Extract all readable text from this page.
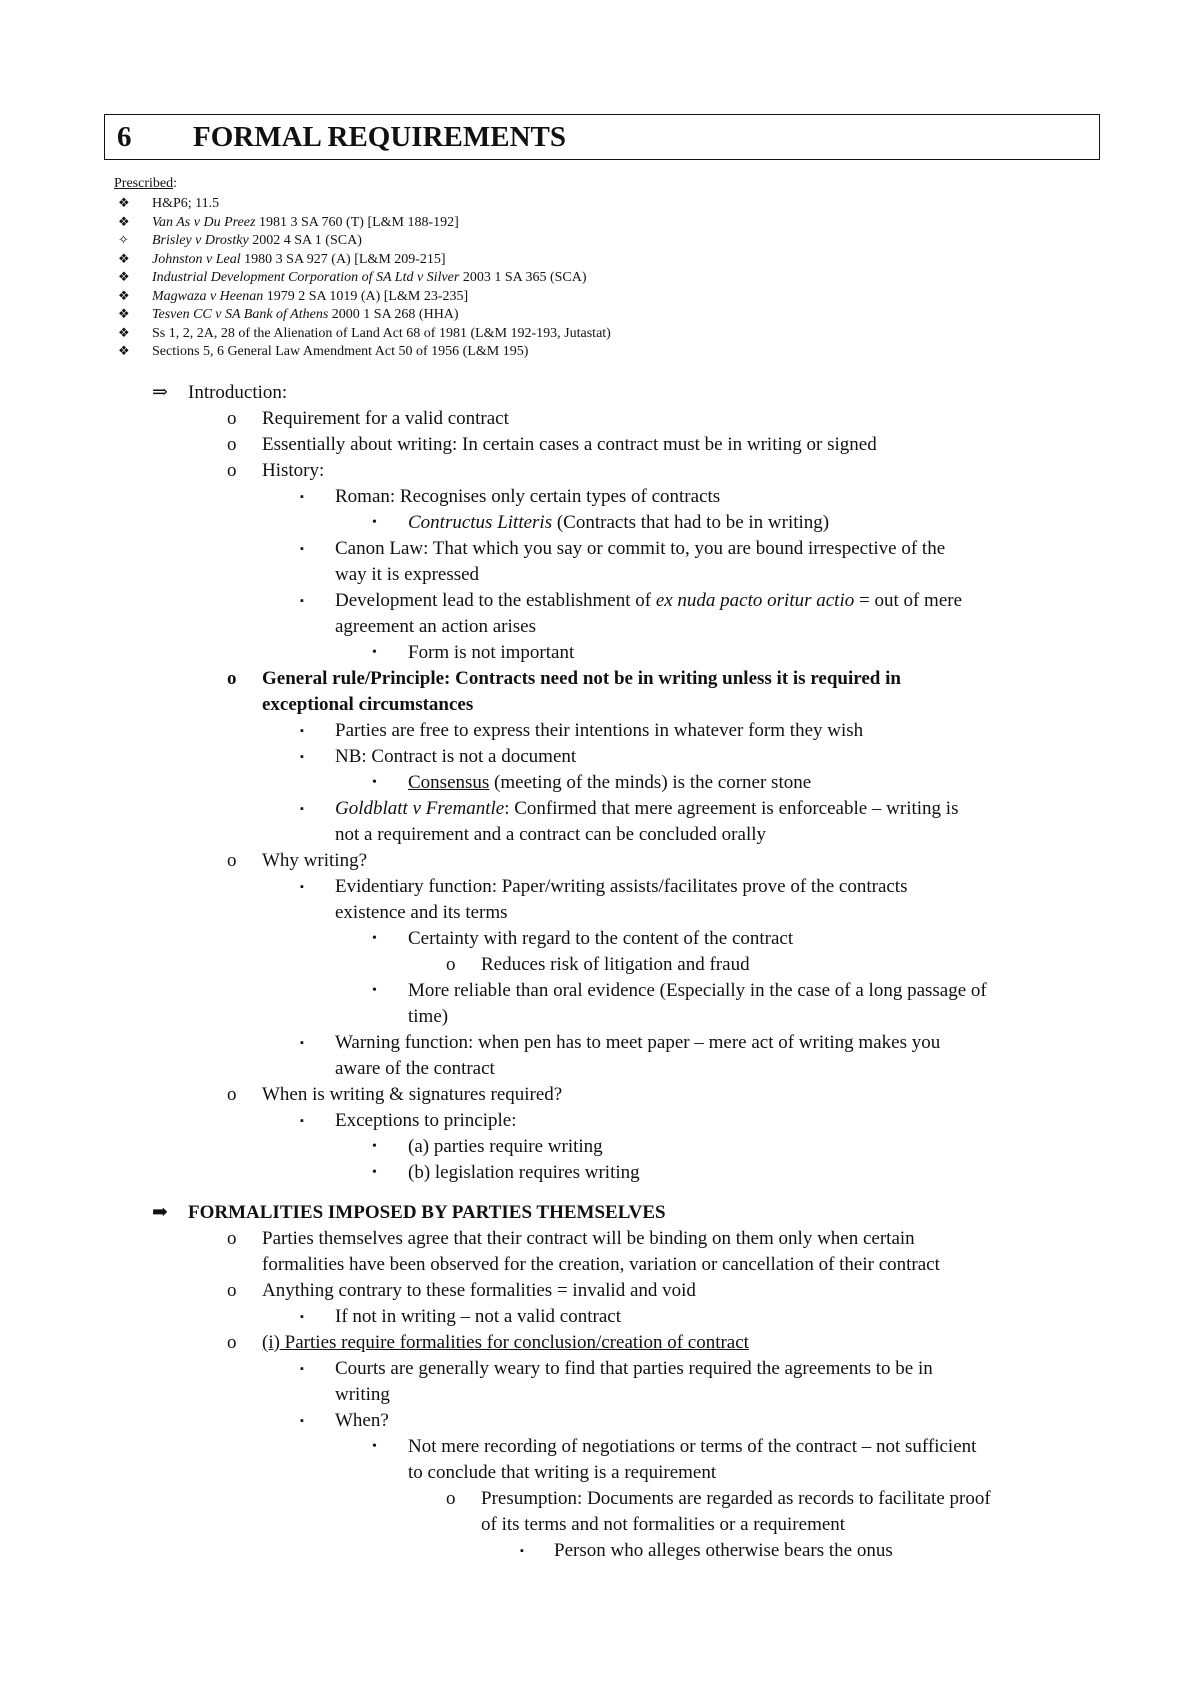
6	FORMAL REQUIREMENTS
Prescribed:
❖ H&P6; 11.5
❖ Van As v Du Preez 1981 3 SA 760 (T) [L&M 188-192]
✧ Brisley v Drostky 2002 4 SA 1 (SCA)
❖ Johnston v Leal 1980 3 SA 927 (A) [L&M 209-215]
❖ Industrial Development Corporation of SA Ltd v Silver 2003 1 SA 365 (SCA)
❖ Magwaza v Heenan 1979 2 SA 1019 (A) [L&M 23-235]
❖ Tesven CC v SA Bank of Athens 2000 1 SA 268 (HHA)
❖ Ss 1, 2, 2A, 28 of the Alienation of Land Act 68 of 1981 (L&M 192-193, Jutastat)
❖ Sections 5, 6 General Law Amendment Act 50 of 1956 (L&M 195)
⇒ Introduction:
o Requirement for a valid contract
o Essentially about writing: In certain cases a contract must be in writing or signed
o History:
▪ Roman: Recognises only certain types of contracts
• Contructus Litteris (Contracts that had to be in writing)
▪ Canon Law: That which you say or commit to, you are bound irrespective of the
way it is expressed
▪ Development lead to the establishment of ex nuda pacto oritur actio = out of mere
agreement an action arises
• Form is not important
o General rule/Principle: Contracts need not be in writing unless it is required in
exceptional circumstances
▪ Parties are free to express their intentions in whatever form they wish
▪ NB: Contract is not a document
• Consensus (meeting of the minds) is the corner stone
▪ Goldblatt v Fremantle: Confirmed that mere agreement is enforceable – writing is
not a requirement and a contract can be concluded orally
o Why writing?
▪ Evidentiary function: Paper/writing assists/facilitates prove of the contracts
existence and its terms
• Certainty with regard to the content of the contract
o Reduces risk of litigation and fraud
• More reliable than oral evidence (Especially in the case of a long passage of
time)
▪ Warning function: when pen has to meet paper – mere act of writing makes you
aware of the contract
o When is writing & signatures required?
▪ Exceptions to principle:
• (a) parties require writing
• (b) legislation requires writing
➡ FORMALITIES IMPOSED BY PARTIES THEMSELVES
o Parties themselves agree that their contract will be binding on them only when certain
formalities have been observed for the creation, variation or cancellation of their contract
o Anything contrary to these formalities = invalid and void
▪ If not in writing – not a valid contract
o (i) Parties require formalities for conclusion/creation of contract
▪ Courts are generally weary to find that parties required the agreements to be in
writing
▪ When?
• Not mere recording of negotiations or terms of the contract – not sufficient
to conclude that writing is a requirement
o Presumption: Documents are regarded as records to facilitate proof
of its terms and not formalities or a requirement
▪ Person who alleges otherwise bears the onus
